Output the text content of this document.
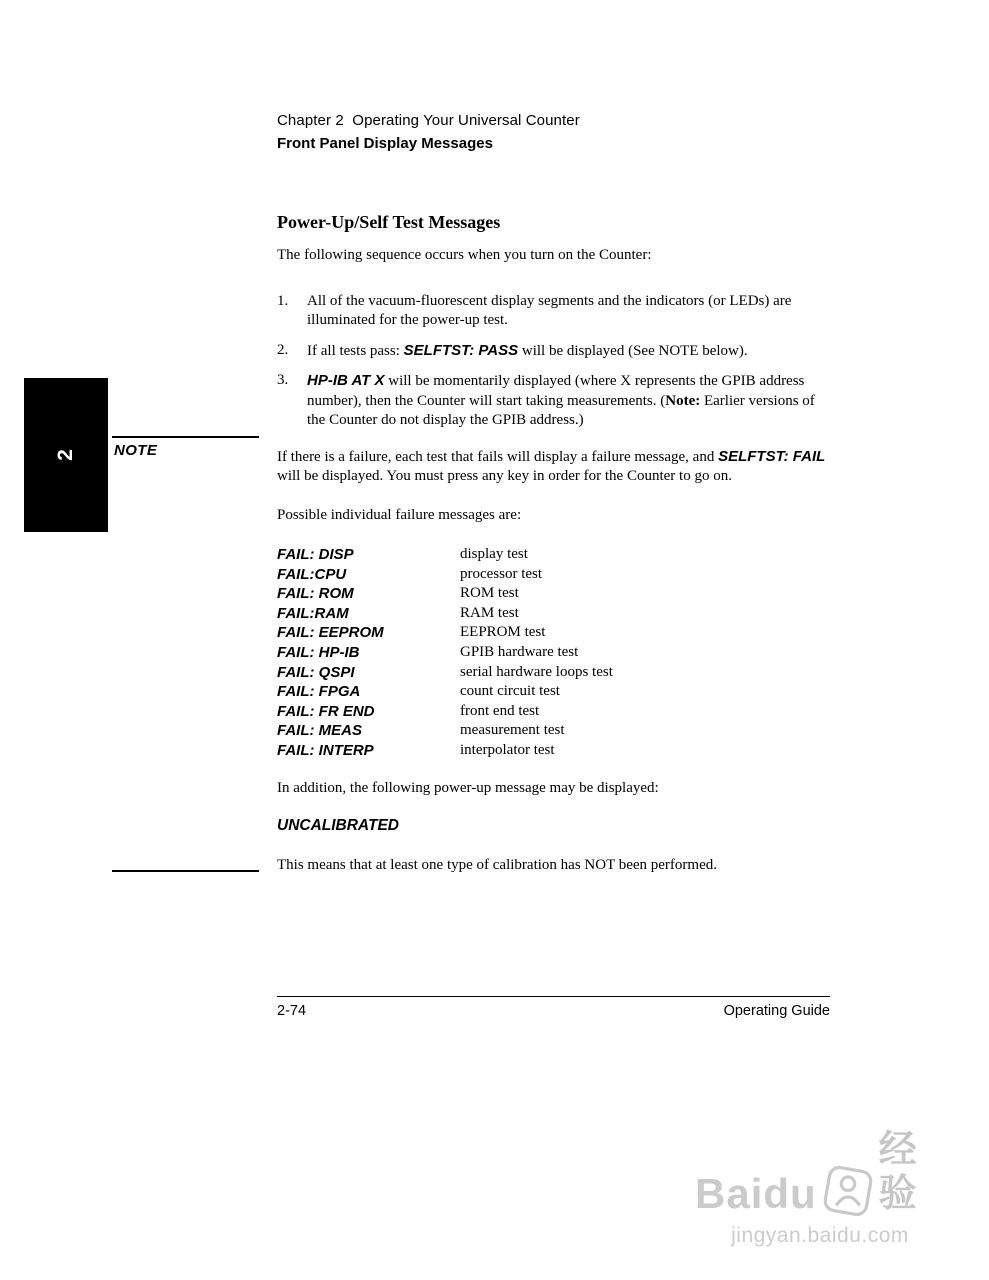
Chapter 2  Operating Your Universal Counter
Front Panel Display Messages
Power-Up/Self Test Messages
The following sequence occurs when you turn on the Counter:
1.	All of the vacuum-fluorescent display segments and the indicators (or LEDs) are illuminated for the power-up test.
2.	If all tests pass: SELFTST: PASS will be displayed (See NOTE below).
3.	HP-IB AT X will be momentarily displayed (where X represents the GPIB address number), then the Counter will start taking measurements. (Note: Earlier versions of the Counter do not display the GPIB address.)
If there is a failure, each test that fails will display a failure message, and SELFTST: FAIL will be displayed. You must press any key in order for the Counter to go on.
Possible individual failure messages are:
FAIL: DISP	display test
FAIL:CPU	processor test
FAIL: ROM	ROM test
FAIL:RAM	RAM test
FAIL: EEPROM	EEPROM test
FAIL: HP-IB	GPIB hardware test
FAIL: QSPI	serial hardware loops test
FAIL: FPGA	count circuit test
FAIL: FR END	front end test
FAIL: MEAS	measurement test
FAIL: INTERP	interpolator test
In addition, the following power-up message may be displayed:
UNCALIBRATED
This means that at least one type of calibration has NOT been performed.
2 NOTE
2-74	Operating Guide
Baidu
经验
jingyan.baidu.com
